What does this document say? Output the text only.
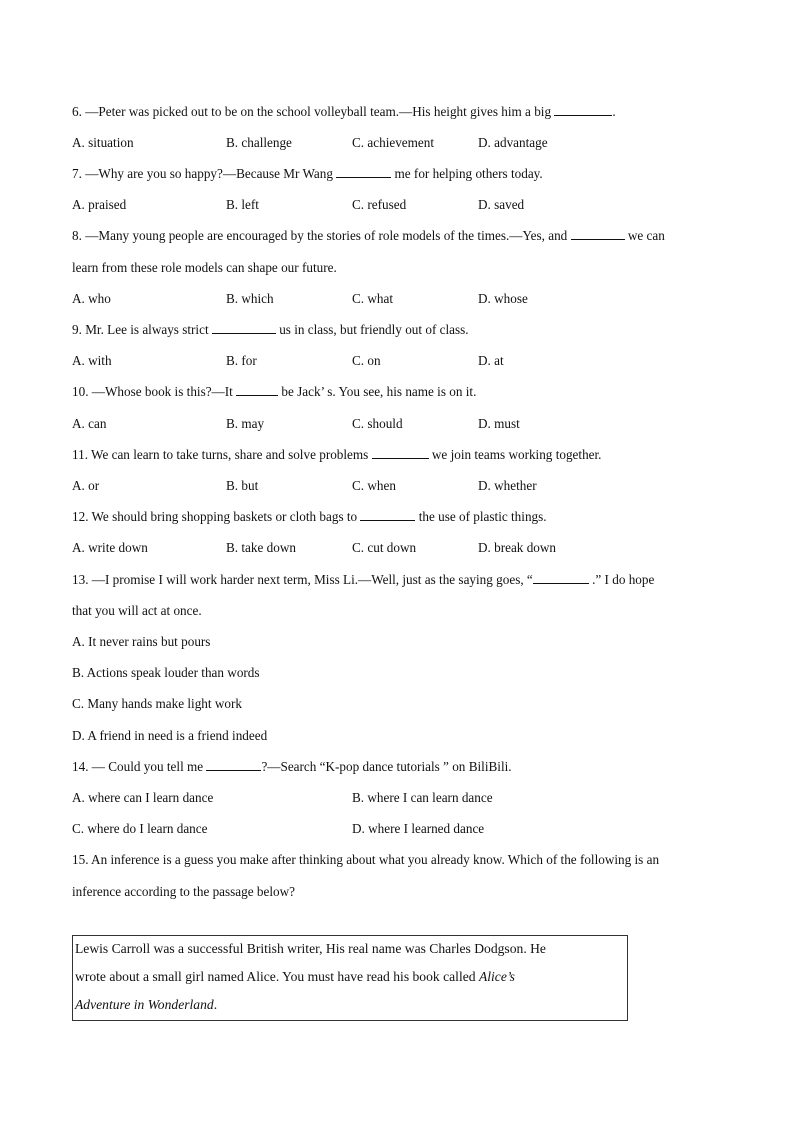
6. —Peter was picked out to be on the school volleyball team.—His height gives him a big	.
A. situation	B. challenge	C. achievement	D. advantage
7. —Why are you so happy?—Because Mr Wang	me for helping others today.
A. praised	B. left	C. refused	D. saved
8. —Many young people are encouraged by the stories of role models of the times.—Yes, and	we can
learn from these role models can shape our future.
A. who	B. which	C. what	D. whose
9. Mr. Lee is always strict	us in class, but friendly out of class.
A. with	B. for	C. on	D. at
10. —Whose book is this?—It	be Jack’ s. You see, his name is on it.
A. can	B. may	C. should	D. must
11. We can learn to take turns, share and solve problems	we join teams working together.
A. or	B. but	C. when	D. whether
12. We should bring shopping baskets or cloth bags to	the use of plastic things.
A. write down	B. take down	C. cut down	D. break down
13. —I promise I will work harder next term, Miss Li.—Well, just as the saying goes, “	.” I do hope
that you will act at once.
A. It never rains but pours
B. Actions speak louder than words
C. Many hands make light work
D. A friend in need is a friend indeed
14. — Could you tell me	?—Search “K-pop dance tutorials ” on BiliBili.
A. where can I learn dance	B. where I can learn dance
C. where do I learn dance	D. where I learned dance
15. An inference is a guess you make after thinking about what you already know. Which of the following is an
inference according to the passage below?
Lewis Carroll was a successful British writer, His real name was Charles Dodgson. He
wrote about a small girl named Alice. You must have read his book called Alice’s
Adventure in Wonderland.
